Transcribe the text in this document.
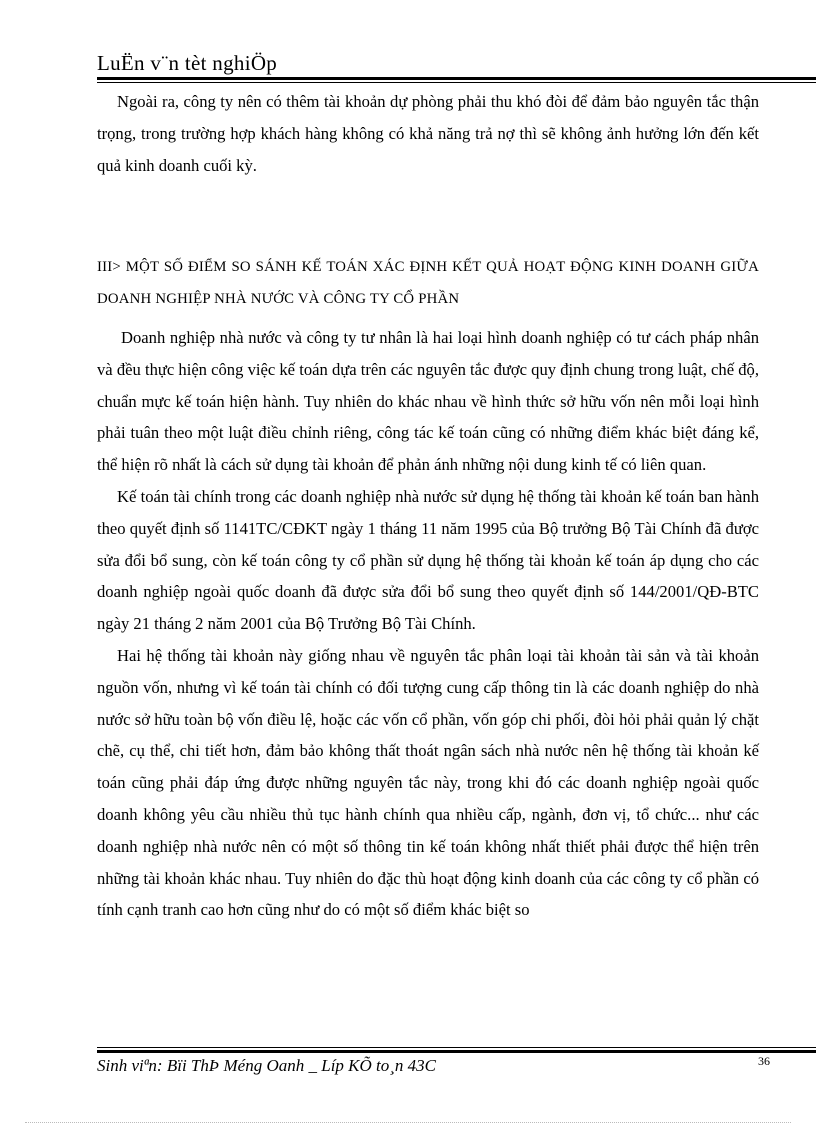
LuËn v¨n tèt nghiÖp

Ngoài ra, công ty nên có thêm tài khoản dự phòng phải thu khó đòi để đảm bảo nguyên tắc thận trọng, trong trường hợp khách hàng không có khả năng trả nợ thì sẽ không ảnh hưởng lớn đến kết quả kinh doanh cuối kỳ.

III> MỘT SỐ ĐIỂM SO SÁNH KẾ TOÁN XÁC ĐỊNH KẾT QUẢ HOẠT ĐỘNG KINH DOANH GIỮA DOANH NGHIỆP NHÀ NƯỚC VÀ CÔNG TY CỔ PHẦN

Doanh nghiệp nhà nước và công ty tư nhân là hai loại hình doanh nghiệp có tư cách pháp nhân và đều thực hiện công việc kế toán dựa trên các nguyên tắc được quy định chung trong luật, chế độ, chuẩn mực kế toán hiện hành. Tuy nhiên do khác nhau về hình thức sở hữu vốn nên mỗi loại hình phải tuân theo một luật điều chỉnh riêng, công tác kế toán cũng có những điểm khác biệt đáng kể, thể hiện rõ nhất là cách sử dụng tài khoản để phản ánh những nội dung kinh tế có liên quan.

Kế toán tài chính trong các doanh nghiệp nhà nước sử dụng hệ thống tài khoản kế toán ban hành theo quyết định số 1141TC/CĐKT ngày 1 tháng 11 năm 1995 của Bộ trưởng Bộ Tài Chính đã được sửa đổi bổ sung, còn kế toán công ty cổ phần sử dụng hệ thống tài khoản kế toán áp dụng cho các doanh nghiệp ngoài quốc doanh đã được sửa đổi bổ sung theo quyết định số 144/2001/QĐ-BTC ngày 21 tháng 2 năm 2001 của Bộ Trưởng Bộ Tài Chính.

Hai hệ thống tài khoản này giống nhau về nguyên tắc phân loại tài khoản tài sản và tài khoản nguồn vốn, nhưng vì kế toán tài chính có đối tượng cung cấp thông tin là các doanh nghiệp do nhà nước sở hữu toàn bộ vốn điều lệ, hoặc các vốn cổ phần, vốn góp chi phối, đòi hỏi phải quản lý chặt chẽ, cụ thể, chi tiết hơn, đảm bảo không thất thoát ngân sách nhà nước nên hệ thống tài khoản kế toán cũng phải đáp ứng được những nguyên tắc này, trong khi đó các doanh nghiệp ngoài quốc doanh không yêu cầu nhiều thủ tục hành chính qua nhiều cấp, ngành, đơn vị, tổ chức... như các doanh nghiệp nhà nước nên có một số thông tin kế toán không nhất thiết phải được thể hiện trên những tài khoản khác nhau. Tuy nhiên do đặc thù hoạt động kinh doanh của các công ty cổ phần có tính cạnh tranh cao hơn cũng như do có một số điểm khác biệt so

Sinh viªn: Bïi ThÞ Méng Oanh _ Líp KÕ to¸n 43C	36
